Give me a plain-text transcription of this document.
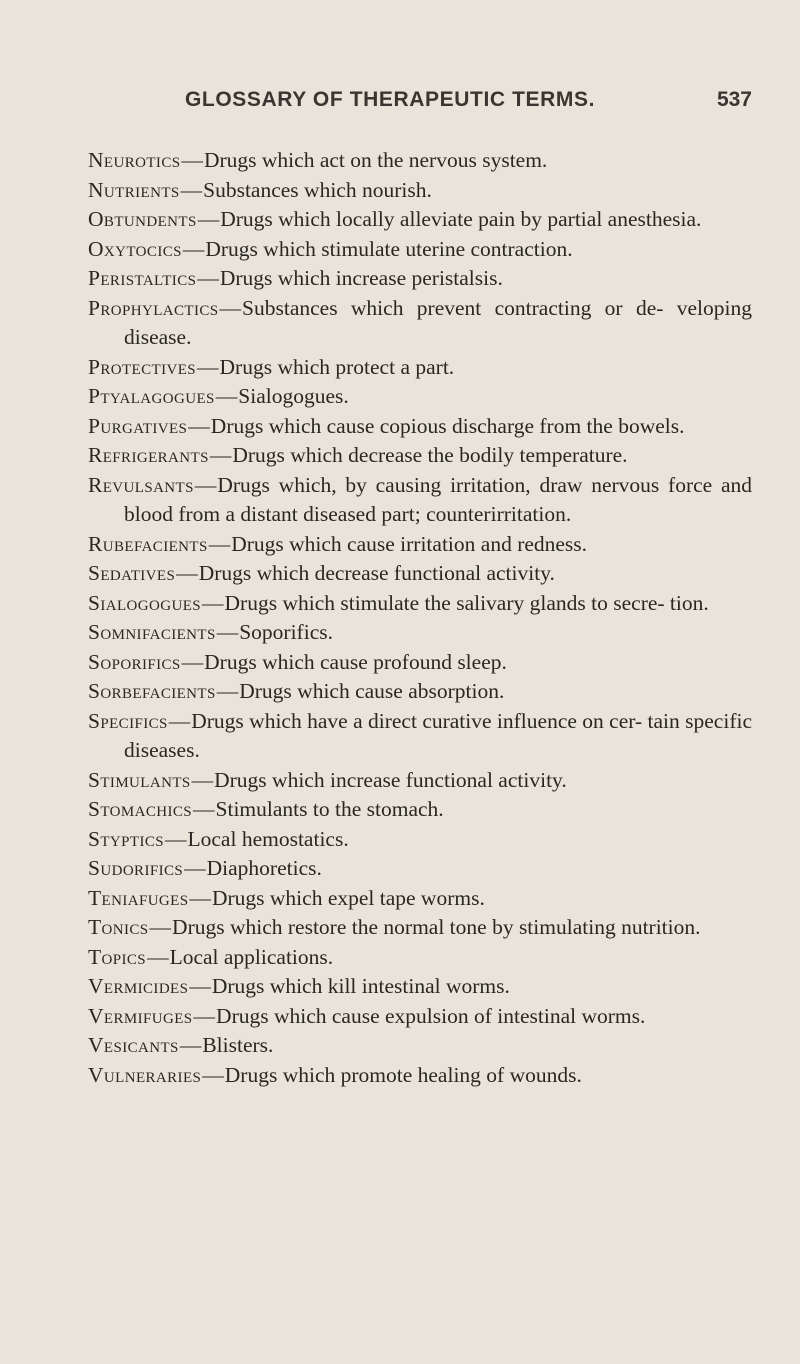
GLOSSARY OF THERAPEUTIC TERMS.	537
Neurotics—Drugs which act on the nervous system.
Nutrients—Substances which nourish.
Obtundents—Drugs which locally alleviate pain by partial anesthesia.
Oxytocics—Drugs which stimulate uterine contraction.
Peristaltics—Drugs which increase peristalsis.
Prophylactics—Substances which prevent contracting or de- veloping disease.
Protectives—Drugs which protect a part.
Ptyalagogues—Sialogogues.
Purgatives—Drugs which cause copious discharge from the bowels.
Refrigerants—Drugs which decrease the bodily temperature.
Revulsants—Drugs which, by causing irritation, draw nervous force and blood from a distant diseased part; counterirritation.
Rubefacients—Drugs which cause irritation and redness.
Sedatives—Drugs which decrease functional activity.
Sialogogues—Drugs which stimulate the salivary glands to secre- tion.
Somnifacients—Soporifics.
Soporifics—Drugs which cause profound sleep.
Sorbefacients—Drugs which cause absorption.
Specifics—Drugs which have a direct curative influence on cer- tain specific diseases.
Stimulants—Drugs which increase functional activity.
Stomachics—Stimulants to the stomach.
Styptics—Local hemostatics.
Sudorifics—Diaphoretics.
Teniafuges—Drugs which expel tape worms.
Tonics—Drugs which restore the normal tone by stimulating nutrition.
Topics—Local applications.
Vermicides—Drugs which kill intestinal worms.
Vermifuges—Drugs which cause expulsion of intestinal worms.
Vesicants—Blisters.
Vulneraries—Drugs which promote healing of wounds.
